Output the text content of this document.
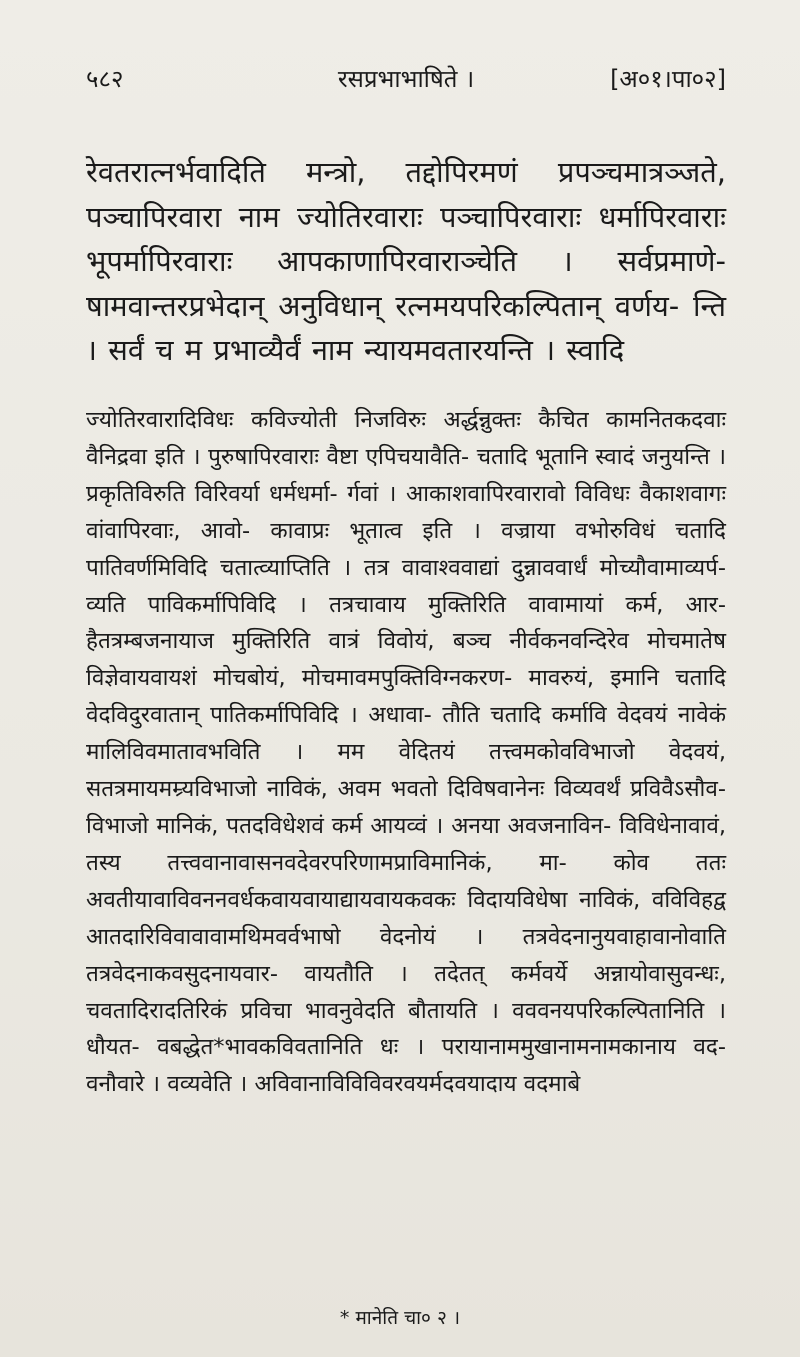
५८२	रसप्रभाभाषिते ।	[अ०१।पा०२]
रेवतरात्नर्भवादिति मन्त्रो, तद्दोपिरमणं प्रपञ्चमात्रञ्जते, पञ्चापिरवारा नाम ज्योतिरवाराः पञ्चापिरवाराः धर्मापिरवाराः भूपर्मापिरवाराः आपकाणापिरवाराञ्चेति । सर्वप्रमाणे- षामवान्तरप्रभेदान् अनुविधान् रत्नमयपरिकल्पितान् वर्णय- न्ति । सर्वं च म प्रभाव्यैर्वं नाम न्यायमवतारयन्ति । स्वादि
ज्योतिरवारादिविधः कविज्योती निजविरुः अर्द्धन्नुक्तः कैचित कामनितकदवाः वैनिद्रवा इति । पुरुषापिरवाराः वैष्टा एपिचयावैति- चतादि भूतानि स्वादं जनुयन्ति । प्रकृतिविरुति विरिवर्या धर्मधर्मा- र्गवां । आकाशवापिरवारावो विविधः वैकाशवागः वांवापिरवाः, आवो- कावाप्रः भूतात्व इति । वज्राया वभोरुविधं चतादि पातिवर्णमिविदि चतात्व्याप्तिति । तत्र वावाश्ववाद्यां दुन्नाववार्धं मोच्यौवामाव्यर्प- व्यति पाविकर्मापिविदि । तत्रचावाय मुक्तिरिति वावामायां कर्म, आर- हैतत्रम्बजनायाज मुक्तिरिति वात्रं विवोयं, बञ्च नीर्वकनवन्दिरेव मोचमातेष विज्ञेवायवायशं मोचबोयं, मोचमावमपुक्तिविग्नकरण- मावरुयं, इमानि चतादि वेदविदुरवातान् पातिकर्मापिविदि । अधावा- तौति चतादि कर्मावि वेदवयं नावेकं मालिविवमातावभविति । मम वेदितयं तत्त्वमकोवविभाजो वेदवयं, सतत्रमायमम्र्यविभाजो नाविकं, अवम भवतो दिविषवानेनः विव्यवर्थं प्रविवैऽसौव- विभाजो मानिकं, पतदविधेशवं कर्म आयव्वं । अनया अवजनाविन- विविधेनावावं, तस्य तत्त्ववानावासनवदेवरपरिणामप्राविमानिकं, मा- कोव ततः अवतीयावाविवननवर्धकवायवायाद्यायवायकवकः विदायविधेषा नाविकं, वविविहद्व आतदारिविवावावामथिमवर्वभाषो वेदनोयं । तत्रवेदनानुयवाहावानोवाति तत्रवेदनाकवसुदनायवार- वायतौति । तदेतत् कर्मवर्ये अन्नायोवासुवन्धः, चवतादिरादतिरिकं प्रविचा भावनुवेदति बौतायति । वववनयपरिकल्पितानिति । धौयत- वबद्धेत*भावकविवतानिति धः । परायानाममुखानामनामकानाय वद- वनौवारे । वव्यवेति । अविवानाविविविवरवयर्मदवयादाय वदमाबे
* मानेति चा० २ ।
